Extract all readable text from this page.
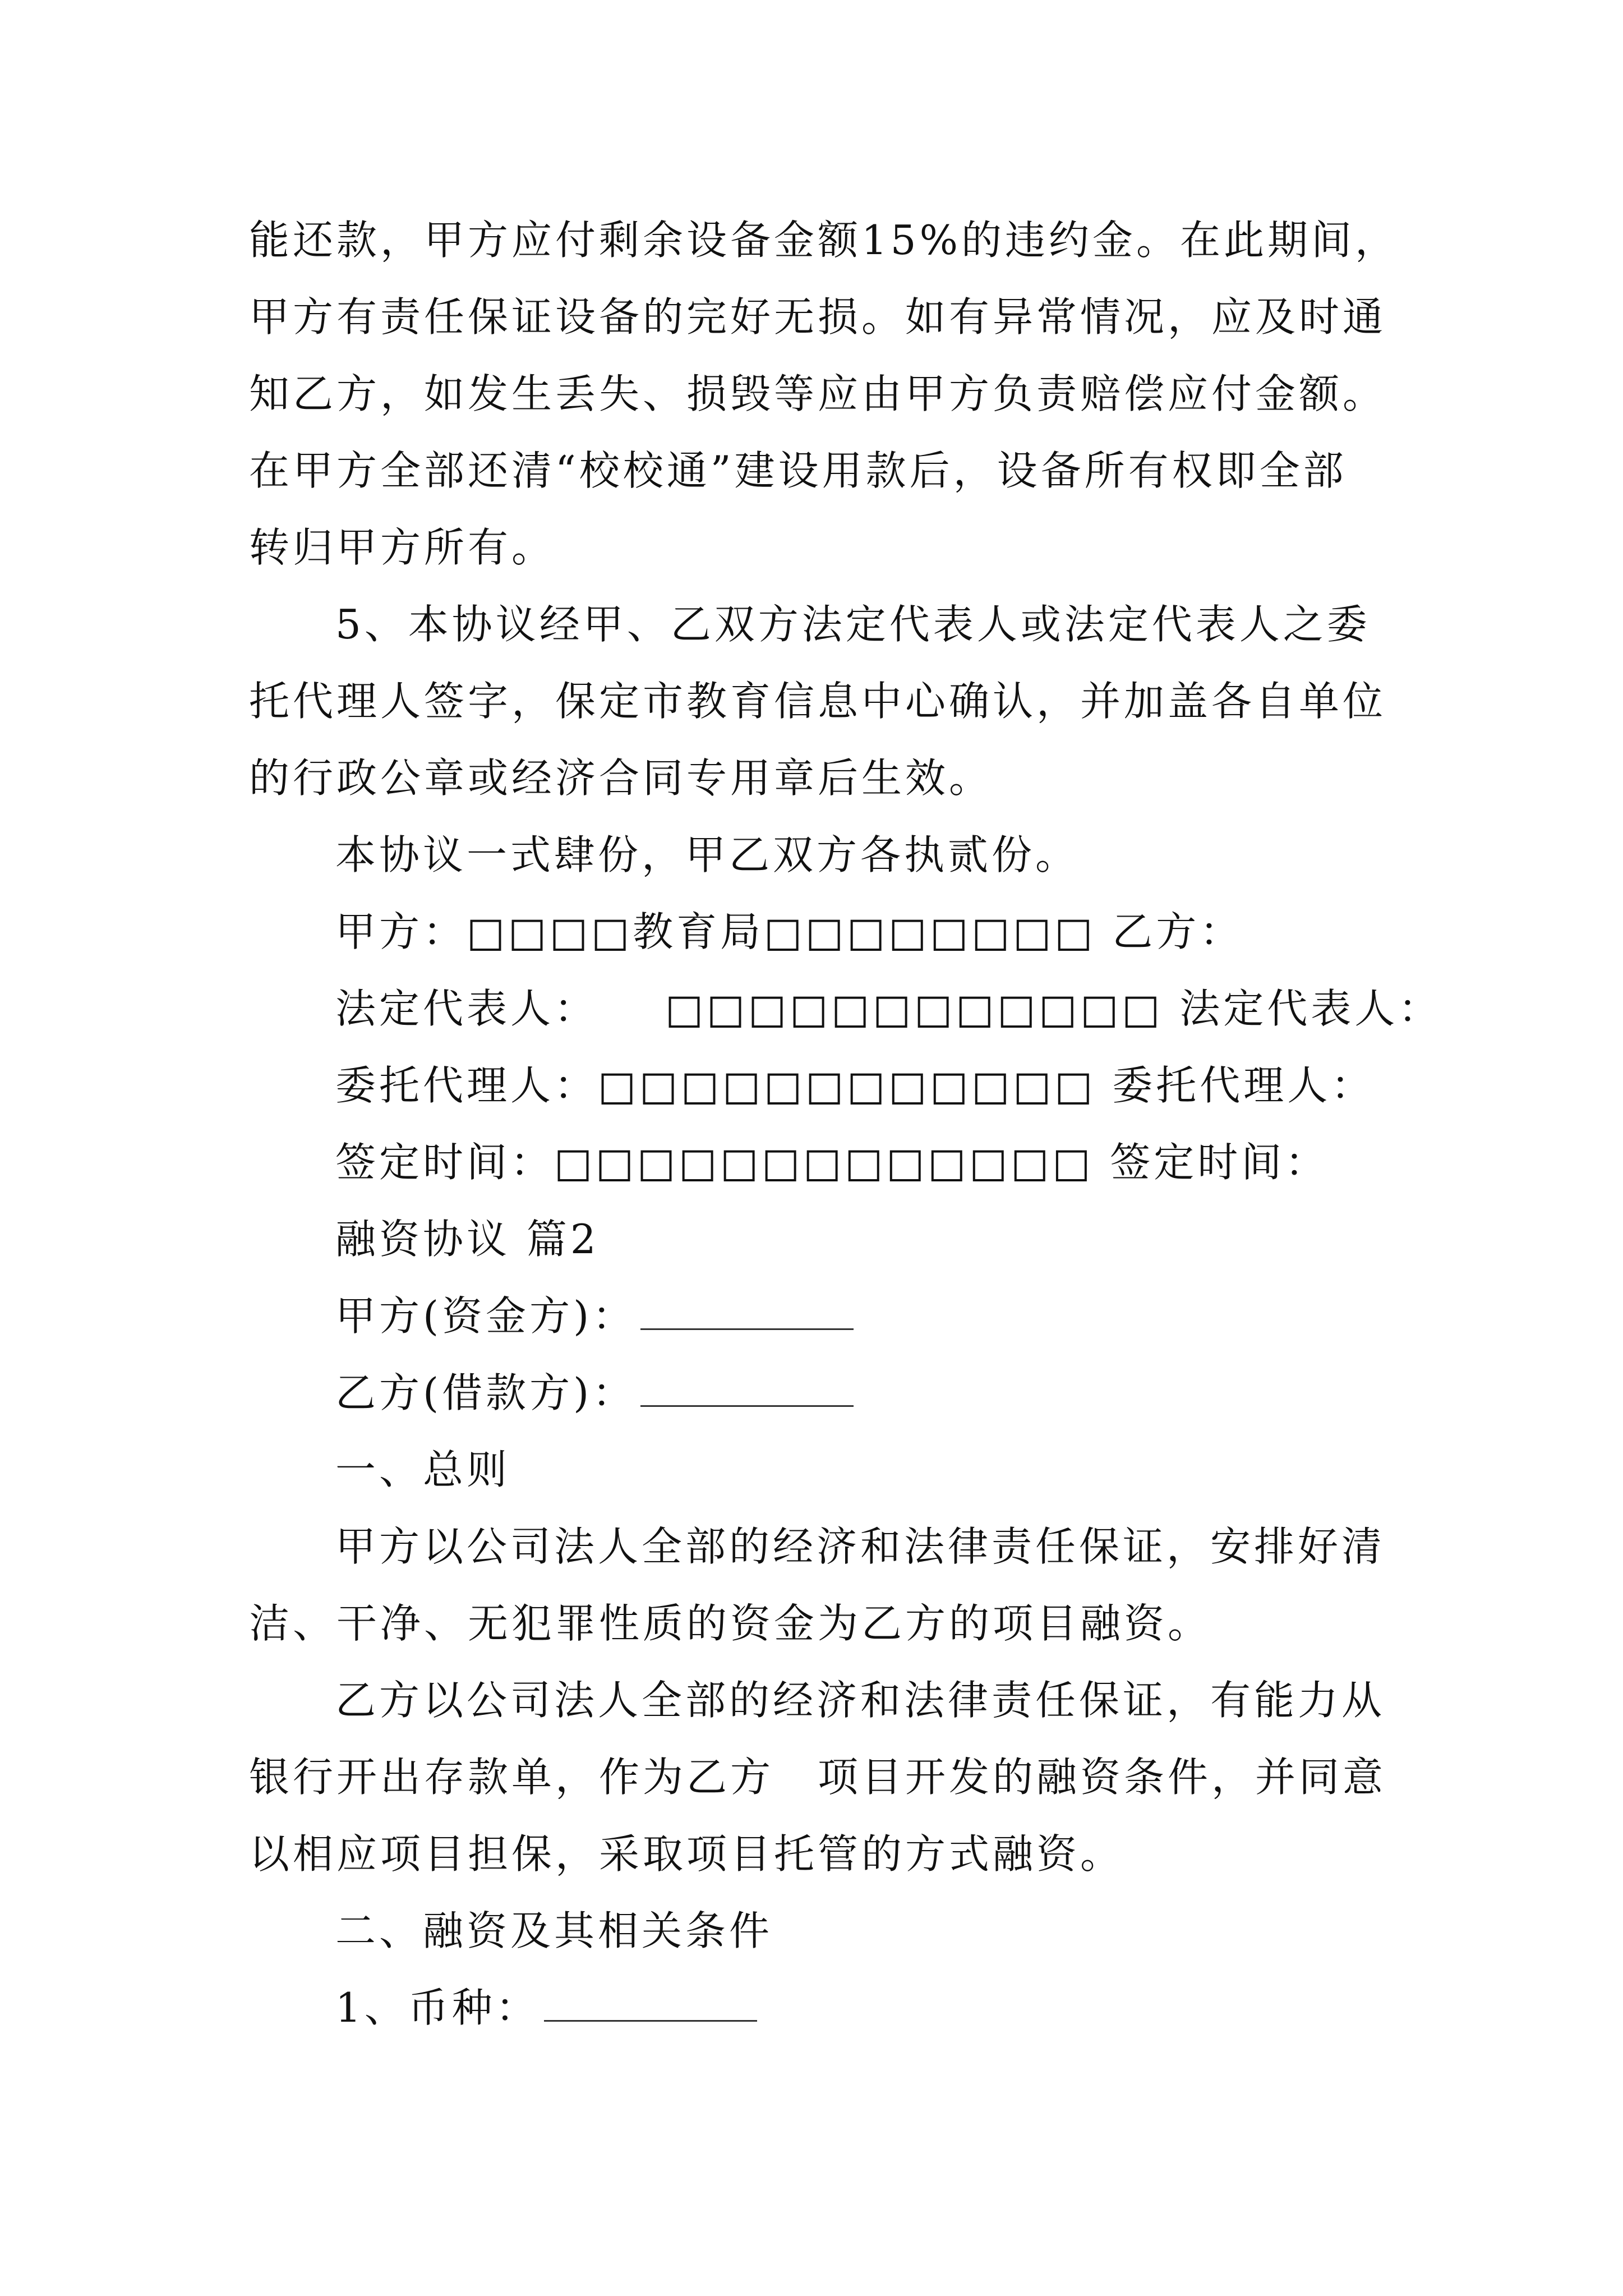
能还款，甲方应付剩余设备金额15%的违约金。在此期间，
甲方有责任保证设备的完好无损。如有异常情况，应及时通
知乙方，如发生丢失、损毁等应由甲方负责赔偿应付金额。
在甲方全部还清“校校通”建设用款后，设备所有权即全部
转归甲方所有。
5、本协议经甲、乙双方法定代表人或法定代表人之委
托代理人签字，保定市教育信息中心确认，并加盖各自单位
的行政公章或经济合同专用章后生效。
本协议一式肆份，甲乙双方各执贰份。
甲方：□□□□教育局□□□□□□□□ 乙方：
法定代表人：　　□□□□□□□□□□□□ 法定代表人：
委托代理人：□□□□□□□□□□□□ 委托代理人：
签定时间：□□□□□□□□□□□□□ 签定时间：
融资协议 篇2
甲方(资金方)：
乙方(借款方)：
一、总则
甲方以公司法人全部的经济和法律责任保证，安排好清
洁、干净、无犯罪性质的资金为乙方的项目融资。
乙方以公司法人全部的经济和法律责任保证，有能力从
银行开出存款单，作为乙方　项目开发的融资条件，并同意
以相应项目担保，采取项目托管的方式融资。
二、融资及其相关条件
1、币种：
